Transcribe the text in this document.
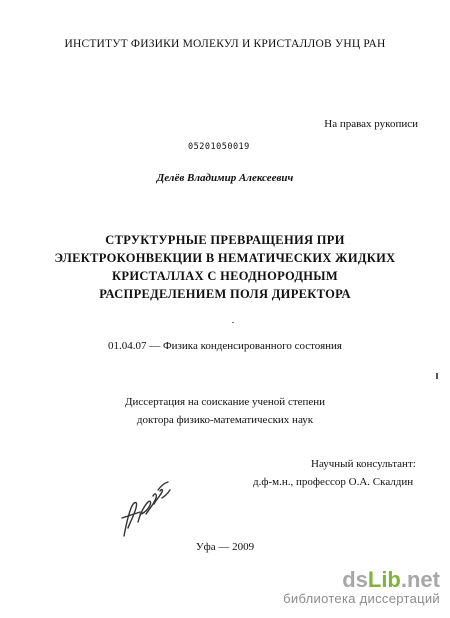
ИНСТИТУТ ФИЗИКИ МОЛЕКУЛ И КРИСТАЛЛОВ УНЦ РАН
На правах рукописи
05201050019
Делёв Владимир Алексеевич
СТРУКТУРНЫЕ ПРЕВРАЩЕНИЯ ПРИ
ЭЛЕКТРОКОНВЕКЦИИ В НЕМАТИЧЕСКИХ ЖИДКИХ
КРИСТАЛЛАХ С НЕОДНОРОДНЫМ
РАСПРЕДЕЛЕНИЕМ ПОЛЯ ДИРЕКТОРА
01.04.07 — Физика конденсированного состояния
Диссертация на соискание ученой степени
доктора физико-математических наук
Научный консультант:
д.ф-м.н., профессор О.А. Скалдин
Уфа — 2009
dsLib.net
библиотека диссертаций
